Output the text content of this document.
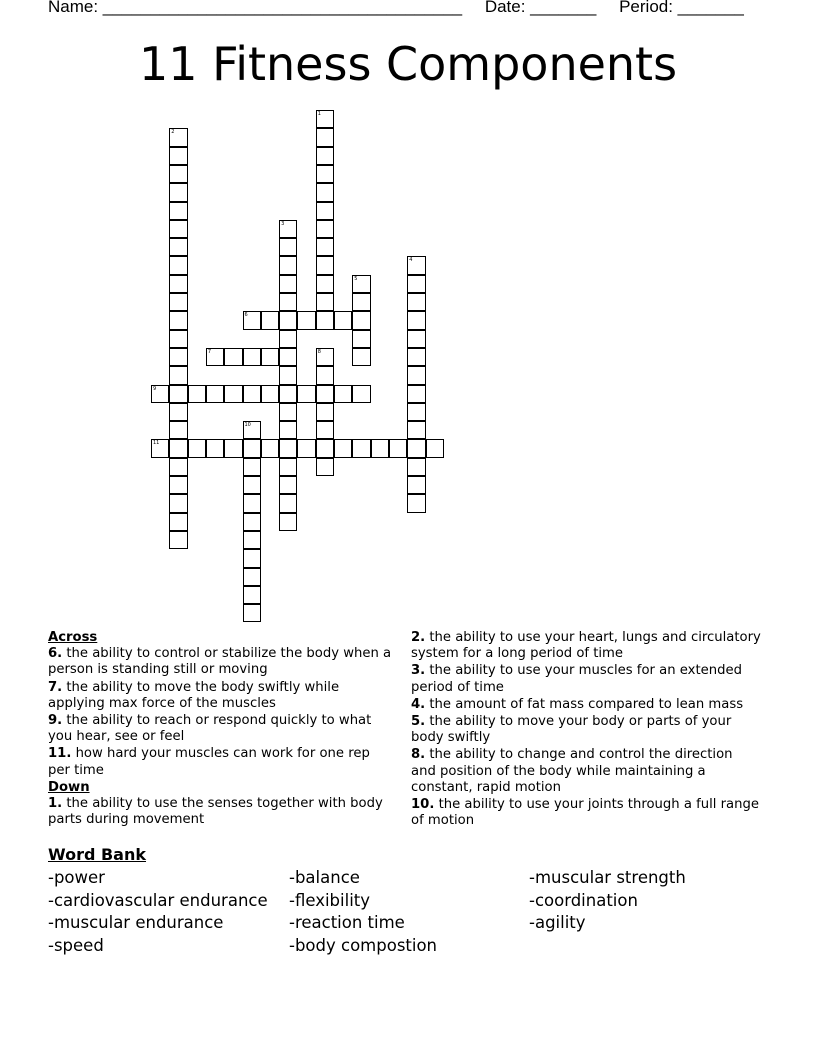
Name: ______________________________________ Date: _______ Period: _______
11 Fitness Components
1
2
3
4
5
6
7	8
9
10
11
Across
6. the ability to control or stabilize the body when a person is standing still or moving
7. the ability to move the body swiftly while applying max force of the muscles
9. the ability to reach or respond quickly to what you hear, see or feel
11. how hard your muscles can work for one rep per time
Down
1. the ability to use the senses together with body parts during movement
2. the ability to use your heart, lungs and circulatory system for a long period of time
3. the ability to use your muscles for an extended period of time
4. the amount of fat mass compared to lean mass
5. the ability to move your body or parts of your body swiftly
8. the ability to change and control the direction and position of the body while maintaining a constant, rapid motion
10. the ability to use your joints through a full range of motion
Word Bank
-power
-cardiovascular endurance
-muscular endurance
-speed
-balance
-flexibility
-reaction time
-body compostion
-muscular strength
-coordination
-agility
